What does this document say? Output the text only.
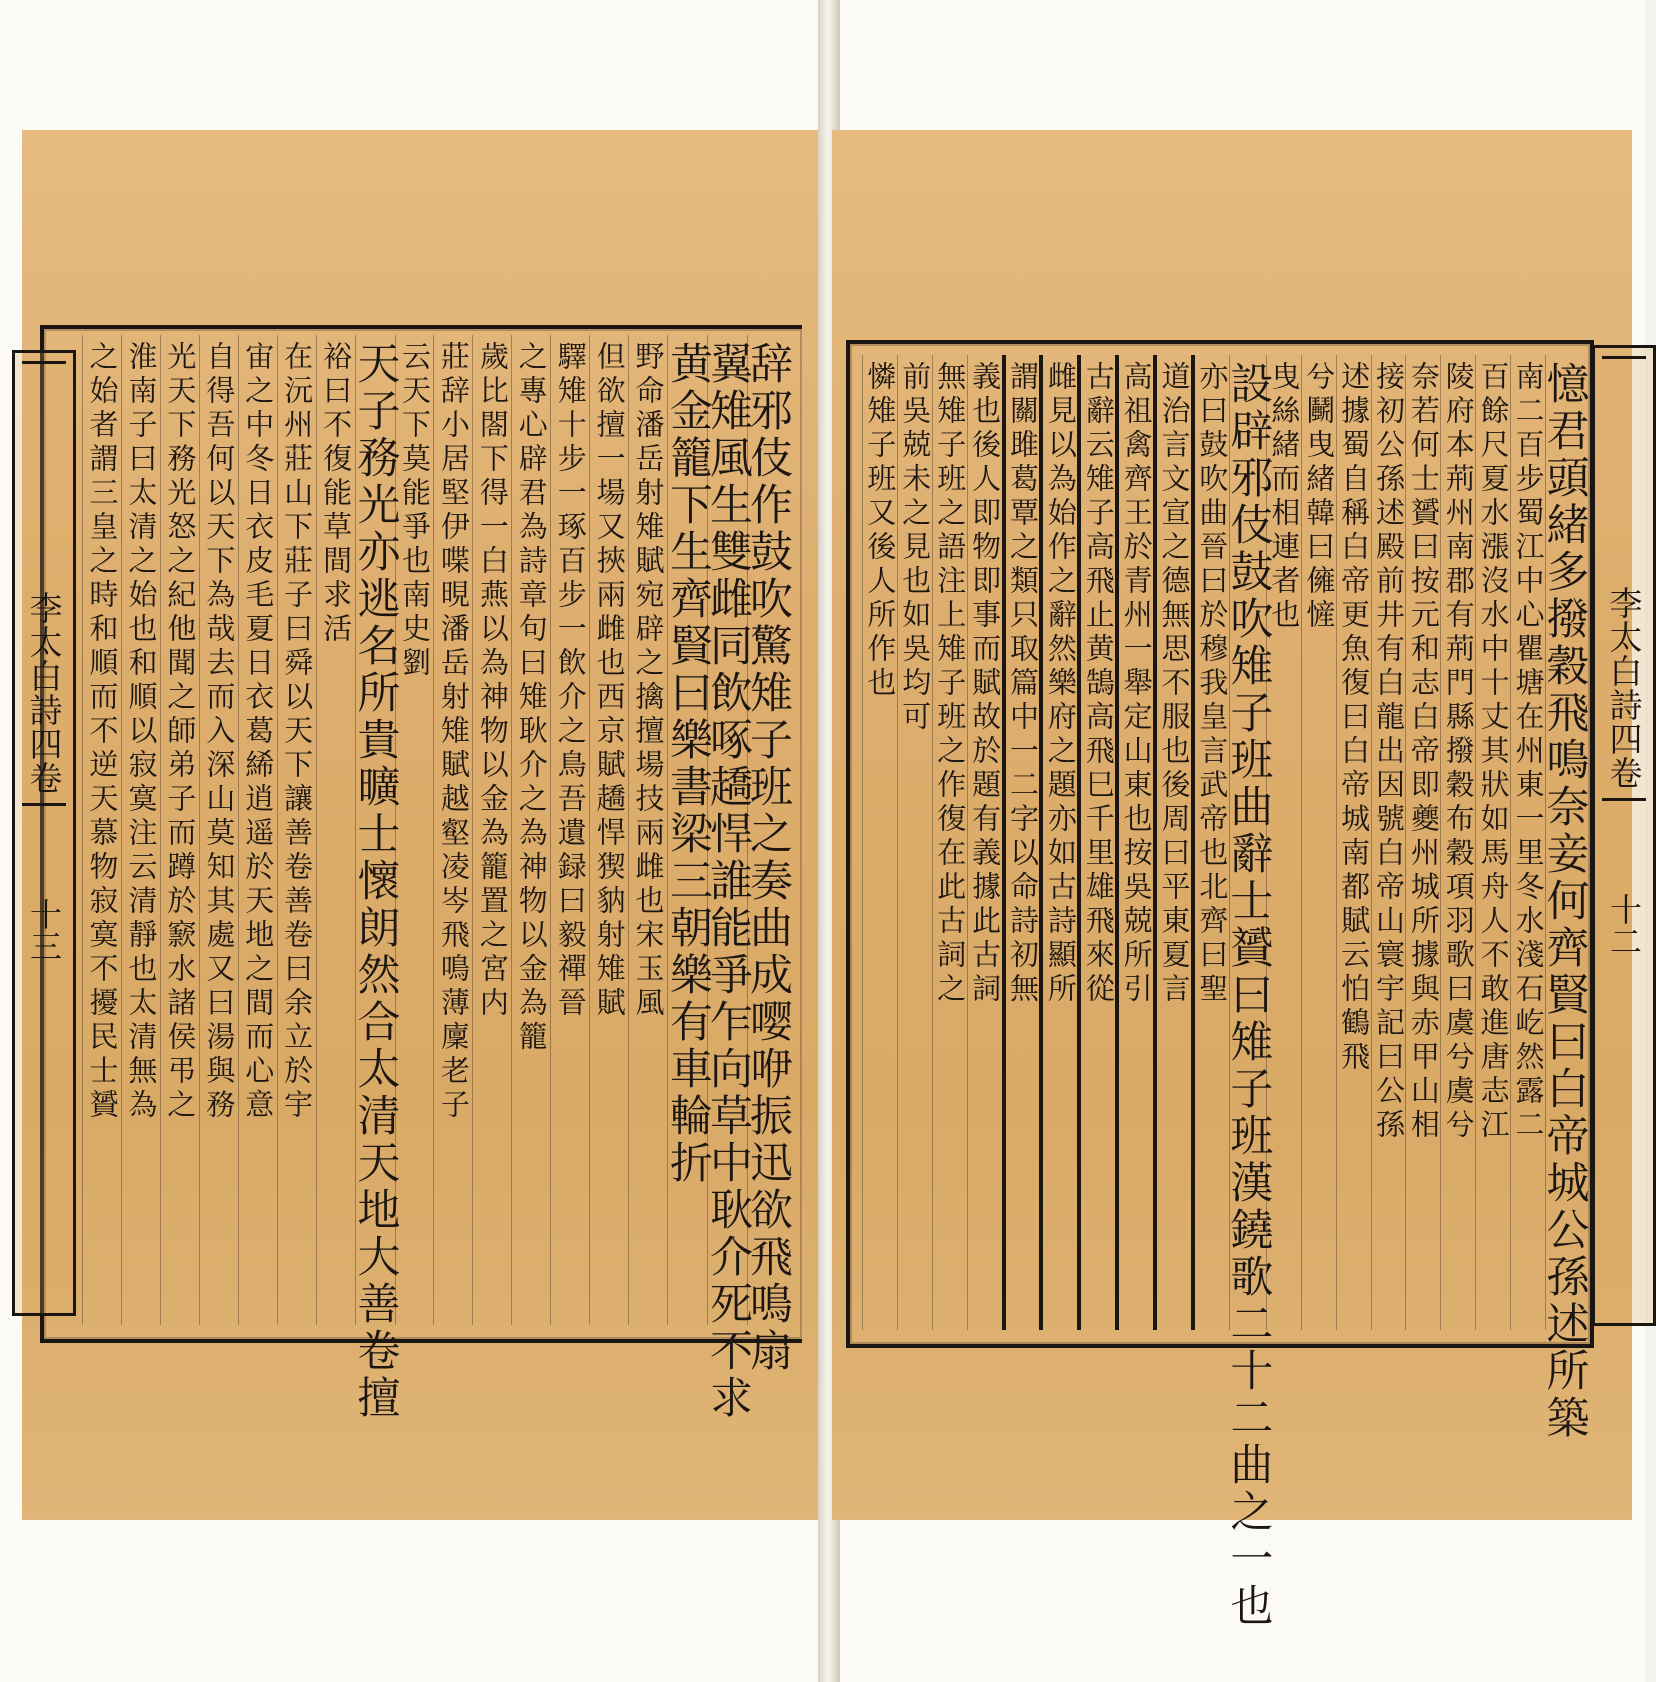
李太白詩四卷
十三	辞邪伎作鼓吹驚雉子班之奏曲成嘤咿振迅欲飛鳴扇
翼雉風生雙雌同飲啄趫悍誰能爭乍向草中耿介死不求
黄金籠下生齊賢曰樂書梁三朝樂有車輪折
野命潘岳射雉賦宛辟之擒擅場技兩雌也宋玉風
但欲擅一場又挾兩雌也西京賦趫悍猰豽射雉賦
驛雉十步一琢百步一飲介之鳥吾遺録曰毅禪晉
之專心辟君為詩章句曰雉耿介之為神物以金為籠
歲比閤下得一白燕以為神物以金為籠置之宮内
莊辞小居堅伊喋晛潘岳射雉賦越壑凌岑飛鳴薄廩老子
云天下莫能爭也南史劉
天子務光亦逃名所貴曠士懷朗然合太清天地大善卷擅
裕曰不復能草間求活
在沅州莊山下莊子曰舜以天下讓善卷善卷曰余立於宇
宙之中冬日衣皮毛夏日衣葛絺逍遥於天地之間而心意
自得吾何以天下為哉去而入深山莫知其處又曰湯與務
光天下務光怒之紀他聞之師弟子而蹲於窾水諸侯弔之
淮南子曰太清之始也和順以寂寞注云清靜也太清無為
之始者謂三皇之時和順而不逆天慕物寂寞不擾民士贇	李太白詩四卷
十二
憶君頭緒多撥穀飛鳴奈妾何齊賢曰白帝城公孫述所築
南二百步蜀江中心瞿塘在州東一里冬水淺石屹然露二
百餘尺夏水漲沒水中十丈其狀如馬舟人不敢進唐志江
陵府本荊州南郡有荊門縣撥穀布穀項羽歌曰虞兮虞兮
奈若何士贇曰按元和志白帝即夔州城所據與赤甲山相
接初公孫述殿前井有白龍出因號白帝山寰宇記曰公孫
述據蜀自稱白帝更魚復曰白帝城南都賦云怕鶴飛
兮鬭曳緒韓曰㒕㦃
曳絲緒而相連者也
設辟邪伎鼓吹雉子班曲辭士贇曰雉子班漢鐃歌二十二曲之一也
亦曰鼓吹曲晉曰於穆我皇言武帝也北齊曰聖
道治言文宣之德無思不服也後周曰平東夏言
高祖禽齊王於青州一舉定山東也按吳兢所引
古辭云雉子高飛止黄鵠高飛巳千里雄飛來從
雌見以為始作之辭然樂府之題亦如古詩顯所
謂關雎葛覃之類只取篇中一二字以命詩初無
義也後人即物即事而賦故於題有義據此古詞
無雉子班之語注上雉子班之作復在此古詞之
前吳兢未之見也如吳均可
憐雉子班又後人所作也
